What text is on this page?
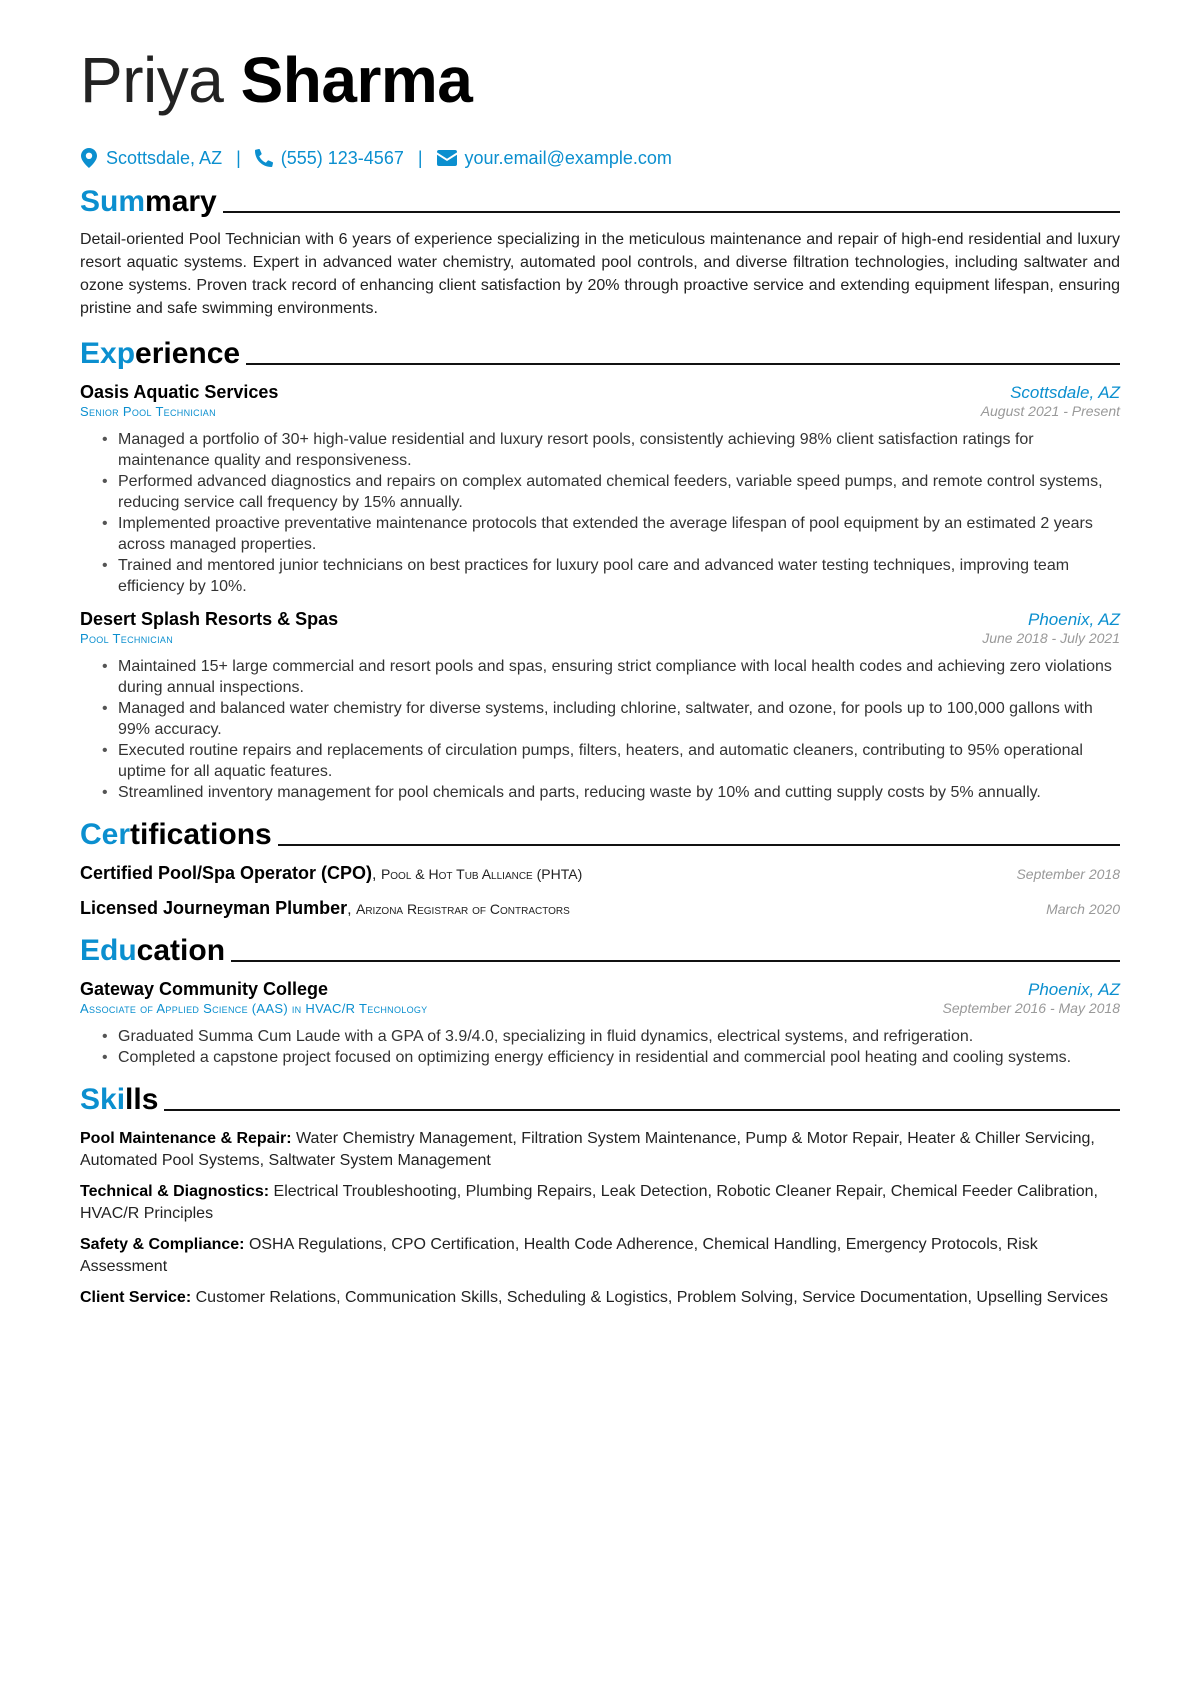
Priya Sharma
Scottsdale, AZ | (555) 123-4567 | your.email@example.com
Summary
Detail-oriented Pool Technician with 6 years of experience specializing in the meticulous maintenance and repair of high-end residential and luxury resort aquatic systems. Expert in advanced water chemistry, automated pool controls, and diverse filtration technologies, including saltwater and ozone systems. Proven track record of enhancing client satisfaction by 20% through proactive service and extending equipment lifespan, ensuring pristine and safe swimming environments.
Experience
Oasis Aquatic Services	Scottsdale, AZ
Senior Pool Technician	August 2021 - Present
• Managed a portfolio of 30+ high-value residential and luxury resort pools, consistently achieving 98% client satisfaction ratings for maintenance quality and responsiveness.
• Performed advanced diagnostics and repairs on complex automated chemical feeders, variable speed pumps, and remote control systems, reducing service call frequency by 15% annually.
• Implemented proactive preventative maintenance protocols that extended the average lifespan of pool equipment by an estimated 2 years across managed properties.
• Trained and mentored junior technicians on best practices for luxury pool care and advanced water testing techniques, improving team efficiency by 10%.
Desert Splash Resorts & Spas	Phoenix, AZ
Pool Technician	June 2018 - July 2021
• Maintained 15+ large commercial and resort pools and spas, ensuring strict compliance with local health codes and achieving zero violations during annual inspections.
• Managed and balanced water chemistry for diverse systems, including chlorine, saltwater, and ozone, for pools up to 100,000 gallons with 99% accuracy.
• Executed routine repairs and replacements of circulation pumps, filters, heaters, and automatic cleaners, contributing to 95% operational uptime for all aquatic features.
• Streamlined inventory management for pool chemicals and parts, reducing waste by 10% and cutting supply costs by 5% annually.
Certifications
Certified Pool/Spa Operator (CPO), Pool & Hot Tub Alliance (PHTA)	September 2018
Licensed Journeyman Plumber, Arizona Registrar of Contractors	March 2020
Education
Gateway Community College	Phoenix, AZ
Associate of Applied Science (AAS) in HVAC/R Technology	September 2016 - May 2018
• Graduated Summa Cum Laude with a GPA of 3.9/4.0, specializing in fluid dynamics, electrical systems, and refrigeration.
• Completed a capstone project focused on optimizing energy efficiency in residential and commercial pool heating and cooling systems.
Skills
Pool Maintenance & Repair: Water Chemistry Management, Filtration System Maintenance, Pump & Motor Repair, Heater & Chiller Servicing, Automated Pool Systems, Saltwater System Management
Technical & Diagnostics: Electrical Troubleshooting, Plumbing Repairs, Leak Detection, Robotic Cleaner Repair, Chemical Feeder Calibration, HVAC/R Principles
Safety & Compliance: OSHA Regulations, CPO Certification, Health Code Adherence, Chemical Handling, Emergency Protocols, Risk Assessment
Client Service: Customer Relations, Communication Skills, Scheduling & Logistics, Problem Solving, Service Documentation, Upselling Services
